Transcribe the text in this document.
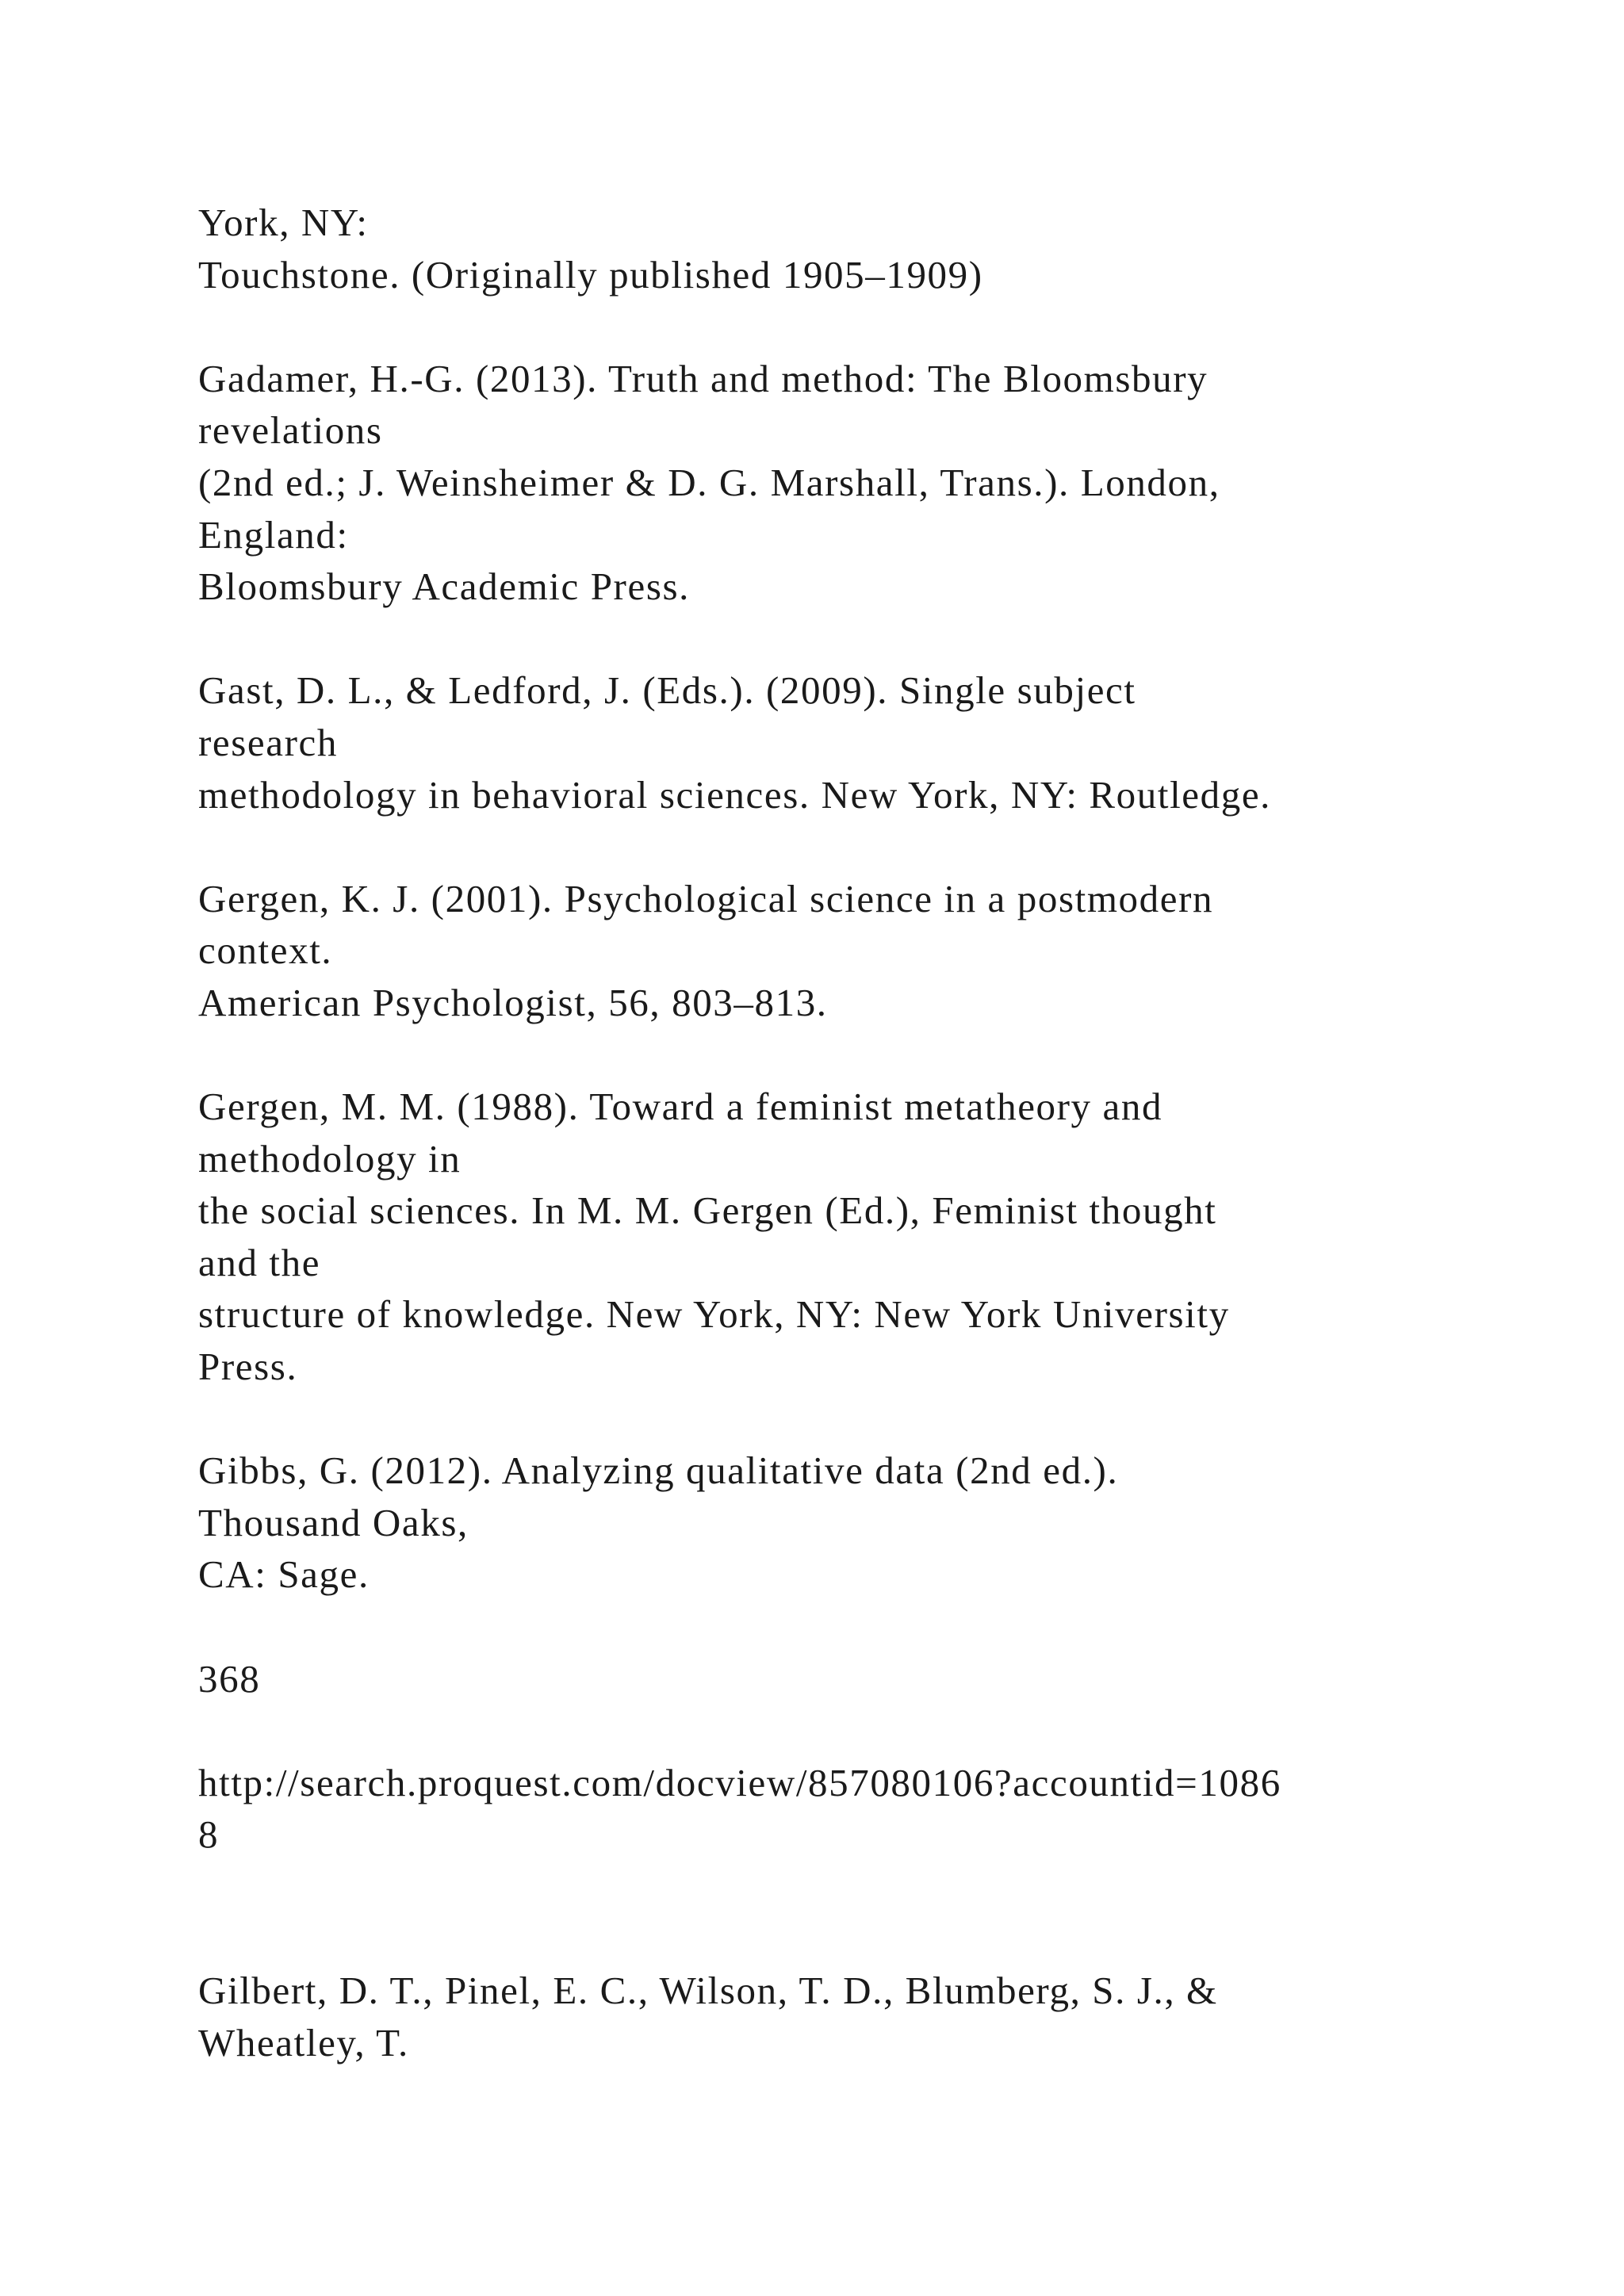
York, NY:
Touchstone. (Originally published 1905–1909)
Gadamer, H.-G. (2013). Truth and method: The Bloomsbury
revelations
(2nd ed.; J. Weinsheimer & D. G. Marshall, Trans.). London,
England:
Bloomsbury Academic Press.
Gast, D. L., & Ledford, J. (Eds.). (2009). Single subject
research
methodology in behavioral sciences. New York, NY: Routledge.
Gergen, K. J. (2001). Psychological science in a postmodern
context.
American Psychologist, 56, 803–813.
Gergen, M. M. (1988). Toward a feminist metatheory and
methodology in
the social sciences. In M. M. Gergen (Ed.), Feminist thought
and the
structure of knowledge. New York, NY: New York University
Press.
Gibbs, G. (2012). Analyzing qualitative data (2nd ed.).
Thousand Oaks,
CA: Sage.
368
http://search.proquest.com/docview/857080106?accountid=1086
8
Gilbert, D. T., Pinel, E. C., Wilson, T. D., Blumberg, S. J., &
Wheatley, T.
